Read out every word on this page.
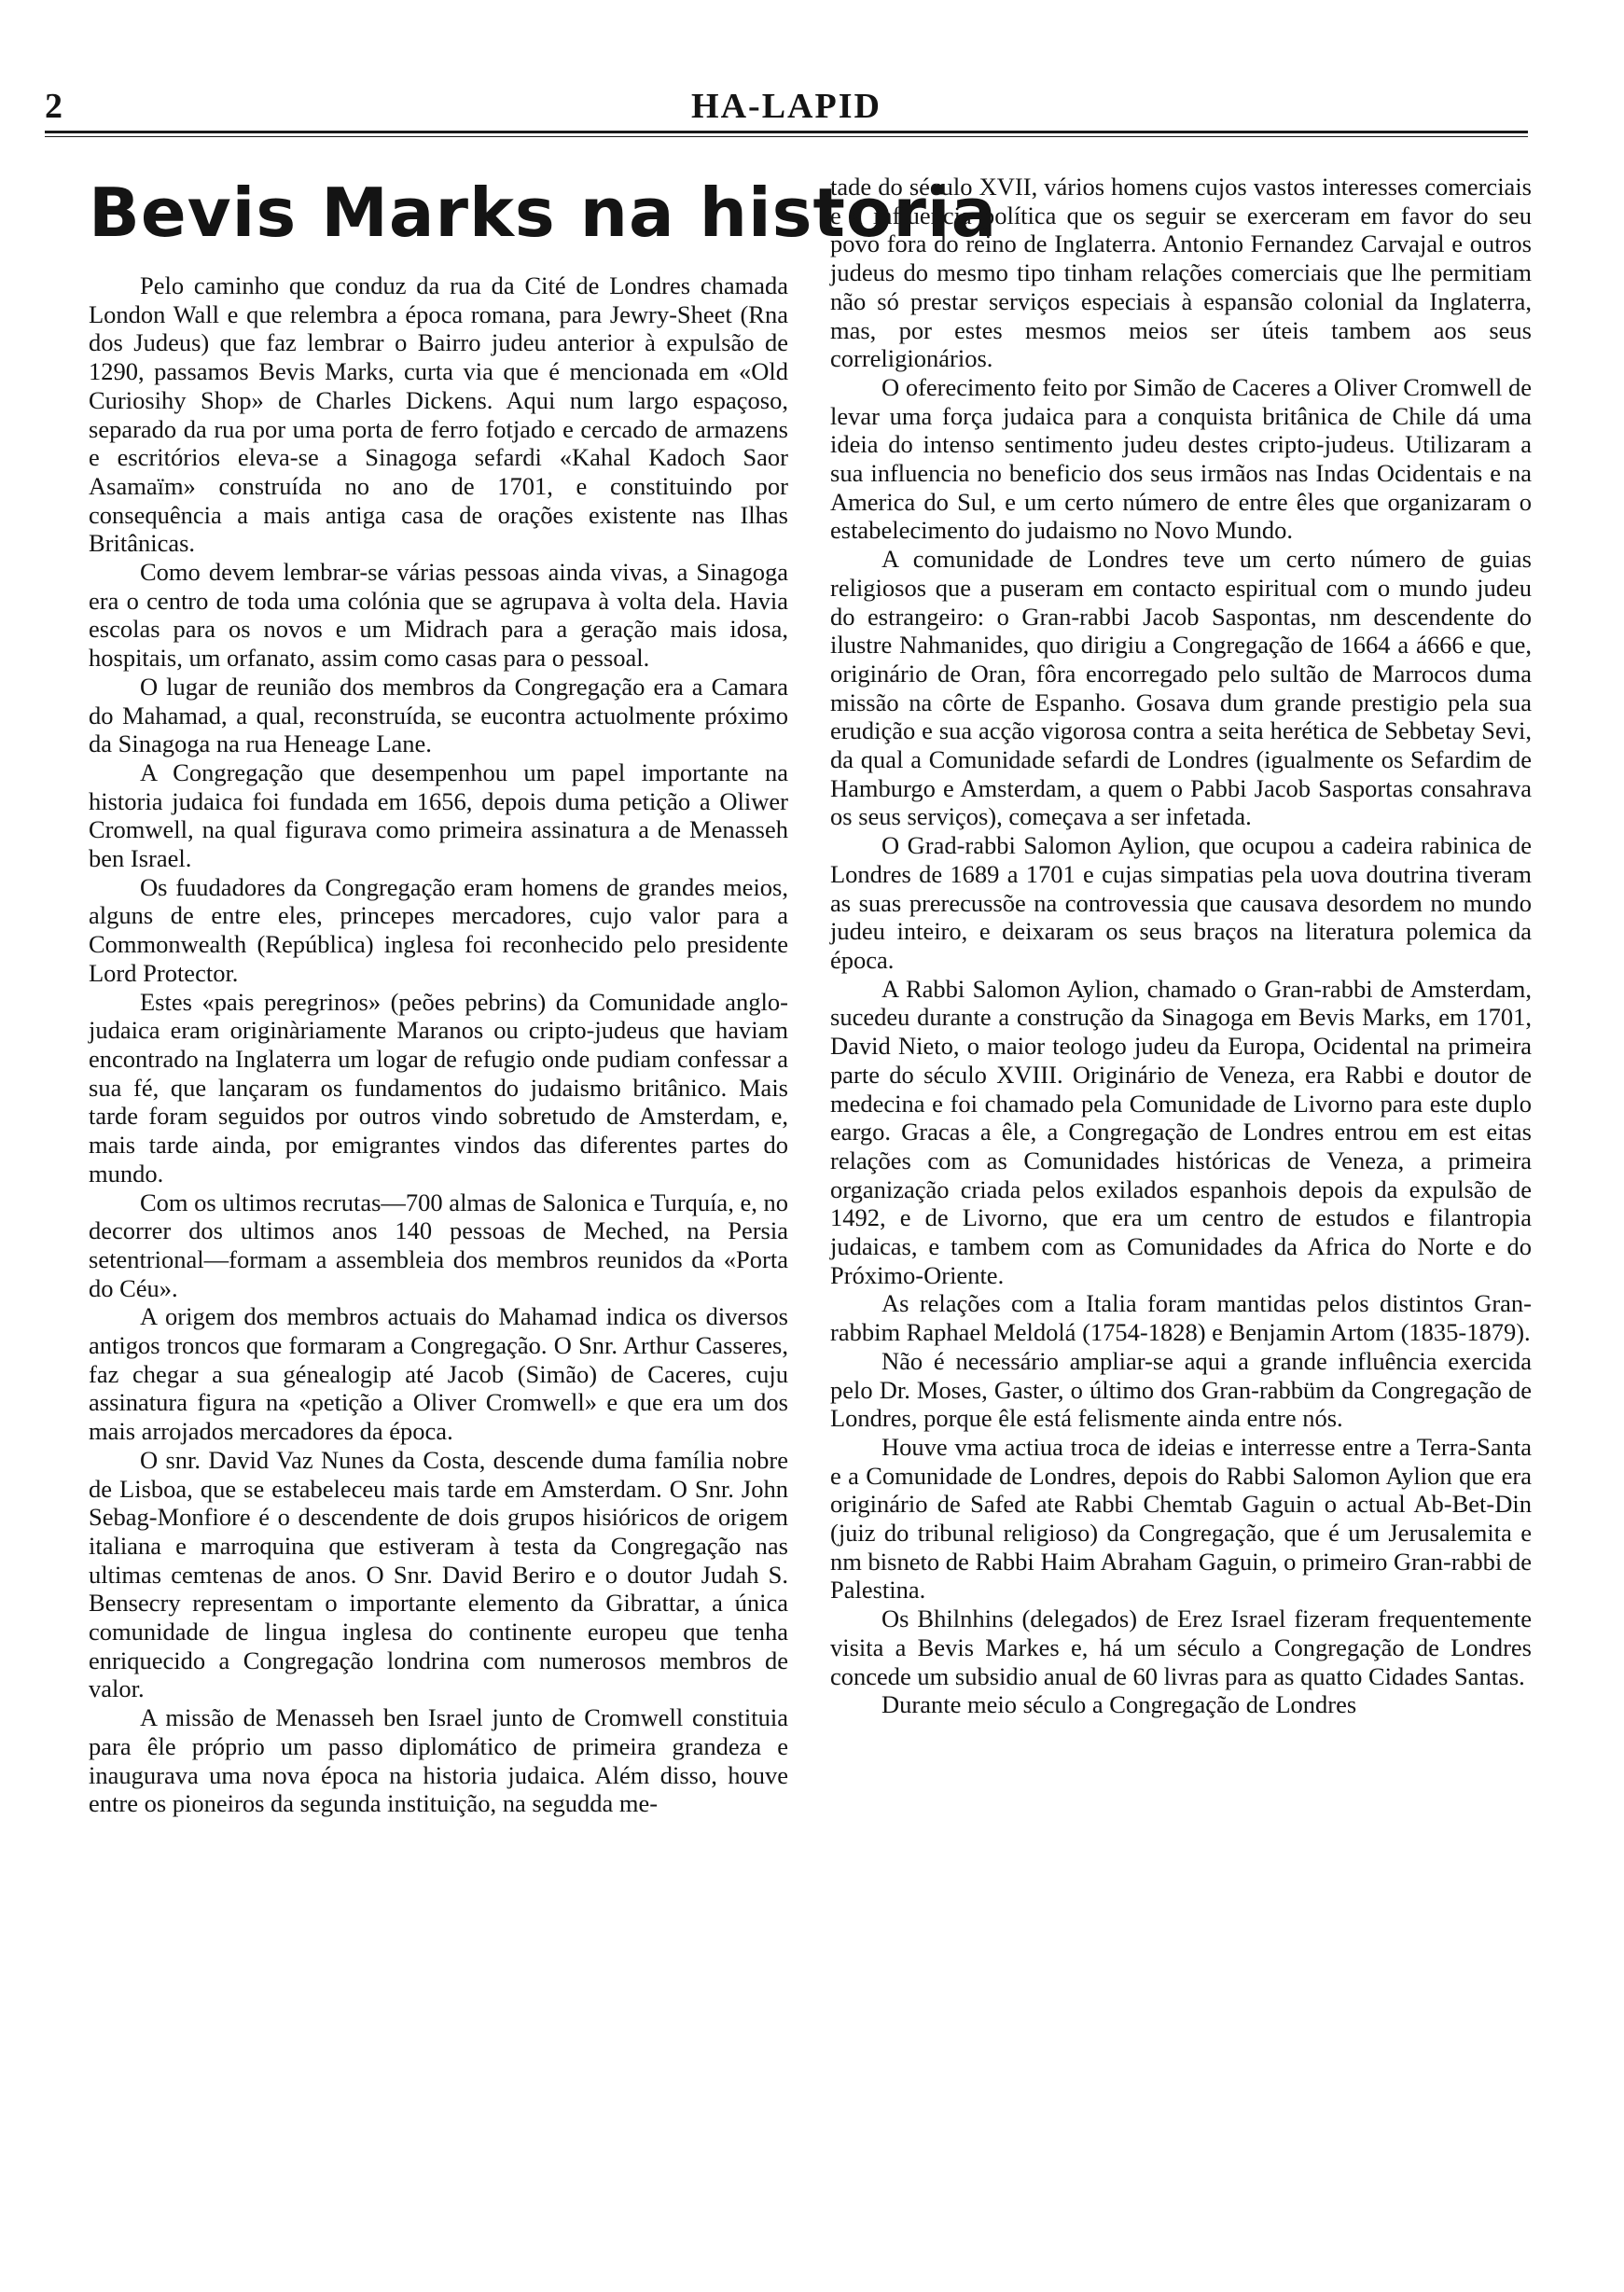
2	HA-LAPID
Bevis Marks na historia

Pelo caminho que conduz da rua da Cité de Londres chamada London Wall e que relembra a época romana, para Jewry-Sheet (Rna dos Judeus) que faz lembrar o Bairro judeu anterior à expulsão de 1290, passamos Bevis Marks, curta via que é mencionada em «Old Curiosihy Shop» de Charles Dickens. Aqui num largo espaçoso, separado da rua por uma porta de ferro fotjado e cercado de armazens e escritórios eleva-se a Sinagoga sefardi «Kahal Kadoch Saor Asamaïm» construída no ano de 1701, e constituindo por consequência a mais antiga casa de orações existente nas Ilhas Britânicas.

Como devem lembrar-se várias pessoas ainda vivas, a Sinagoga era o centro de toda uma colónia que se agrupava à volta dela. Havia escolas para os novos e um Midrach para a geração mais idosa, hospitais, um orfanato, assim como casas para o pessoal.

O lugar de reunião dos membros da Congregação era a Camara do Mahamad, a qual, reconstruída, se eucontra actuolmente próximo da Sinagoga na rua Heneage Lane.

A Congregação que desempenhou um papel importante na historia judaica foi fundada em 1656, depois duma petição a Oliwer Cromwell, na qual figurava como primeira assinatura a de Menasseh ben Israel.

Os fuudadores da Congregação eram homens de grandes meios, alguns de entre eles, princepes mercadores, cujo valor para a Commonwealth (República) inglesa foi reconhecido pelo presidente Lord Protector.

Estes «pais peregrinos» (peões pebrins) da Comunidade anglo-judaica eram originàriamente Maranos ou cripto-judeus que haviam encontrado na Inglaterra um logar de refugio onde pudiam confessar a sua fé, que lançaram os fundamentos do judaismo britânico. Mais tarde foram seguidos por outros vindo sobretudo de Amsterdam, e, mais tarde ainda, por emigrantes vindos das diferentes partes do mundo.

Com os ultimos recrutas—700 almas de Salonica e Turquía, e, no decorrer dos ultimos anos 140 pessoas de Meched, na Persia setentrional—formam a assembleia dos membros reunidos da «Porta do Céu».

A origem dos membros actuais do Mahamad indica os diversos antigos troncos que formaram a Congregação. O Snr. Arthur Casseres, faz chegar a sua génealogip até Jacob (Simão) de Caceres, cuju assinatura figura na «petição a Oliver Cromwell» e que era um dos mais arrojados mercadores da época.

O snr. David Vaz Nunes da Costa, descende duma família nobre de Lisboa, que se estabeleceu mais tarde em Amsterdam. O Snr. John Sebag-Monfiore é o descendente de dois grupos hisióricos de origem italiana e marroquina que estiveram à testa da Congregação nas ultimas cemtenas de anos. O Snr. David Beriro e o doutor Judah S. Bensecry representam o importante elemento da Gibrattar, a única comunidade de lingua inglesa do continente europeu que tenha enriquecido a Congregação londrina com numerosos membros de valor.

A missão de Menasseh ben Israel junto de Cromwell constituia para êle próprio um passo diplomático de primeira grandeza e inaugurava uma nova época na historia judaica. Além disso, houve entre os pioneiros da segunda instituição, na segudda me-

tade do século XVII, vários homens cujos vastos interesses comerciais e a influencia política que os seguir se exerceram em favor do seu povo fora do reino de Inglaterra. Antonio Fernandez Carvajal e outros judeus do mesmo tipo tinham relações comerciais que lhe permitiam não só prestar serviços especiais à espansão colonial da Inglaterra, mas, por estes mesmos meios ser úteis tambem aos seus correligionários.

O oferecimento feito por Simão de Caceres a Oliver Cromwell de levar uma força judaica para a conquista britânica de Chile dá uma ideia do intenso sentimento judeu destes cripto-judeus. Utilizaram a sua influencia no beneficio dos seus irmãos nas Indas Ocidentais e na America do Sul, e um certo número de entre êles que organizaram o estabelecimento do judaismo no Novo Mundo.

A comunidade de Londres teve um certo número de guias religiosos que a puseram em contacto espiritual com o mundo judeu do estrangeiro: o Gran-rabbi Jacob Saspontas, nm descendente do ilustre Nahmanides, quo dirigiu a Congregação de 1664 a á666 e que, originário de Oran, fôra encorregado pelo sultão de Marrocos duma missão na côrte de Espanho. Gosava dum grande prestigio pela sua erudição e sua acção vigorosa contra a seita herética de Sebbetay Sevi, da qual a Comunidade sefardi de Londres (igualmente os Sefardim de Hamburgo e Amsterdam, a quem o Pabbi Jacob Sasportas consahrava os seus serviços), começava a ser infetada.

O Grad-rabbi Salomon Aylion, que ocupou a cadeira rabinica de Londres de 1689 a 1701 e cujas simpatias pela uova doutrina tiveram as suas prerecussõe na controvessia que causava desordem no mundo judeu inteiro, e deixaram os seus braços na literatura polemica da época.

A Rabbi Salomon Aylion, chamado o Gran-rabbi de Amsterdam, sucedeu durante a construção da Sinagoga em Bevis Marks, em 1701, David Nieto, o maior teologo judeu da Europa, Ocidental na primeira parte do século XVIII. Originário de Veneza, era Rabbi e doutor de medecina e foi chamado pela Comunidade de Livorno para este duplo eargo. Gracas a êle, a Congregação de Londres entrou em est eitas relações com as Comunidades históricas de Veneza, a primeira organização criada pelos exilados espanhois depois da expulsão de 1492, e de Livorno, que era um centro de estudos e filantropia judaicas, e tambem com as Comunidades da Africa do Norte e do Próximo-Oriente.

As relações com a Italia foram mantidas pelos distintos Gran-rabbim Raphael Meldolá (1754-1828) e Benjamin Artom (1835-1879).

Não é necessário ampliar-se aqui a grande influência exercida pelo Dr. Moses, Gaster, o último dos Gran-rabbüm da Congregação de Londres, porque êle está felismente ainda entre nós.

Houve vma actiua troca de ideias e interresse entre a Terra-Santa e a Comunidade de Londres, depois do Rabbi Salomon Aylion que era originário de Safed ate Rabbi Chemtab Gaguin o actual Ab-Bet-Din (juiz do tribunal religioso) da Congregação, que é um Jerusalemita e nm bisneto de Rabbi Haim Abraham Gaguin, o primeiro Gran-rabbi de Palestina.

Os Bhilnhins (delegados) de Erez Israel fizeram frequentemente visita a Bevis Markes e, há um século a Congregação de Londres concede um subsidio anual de 60 livras para as quatto Cidades Santas.

Durante meio século a Congregação de Londres
